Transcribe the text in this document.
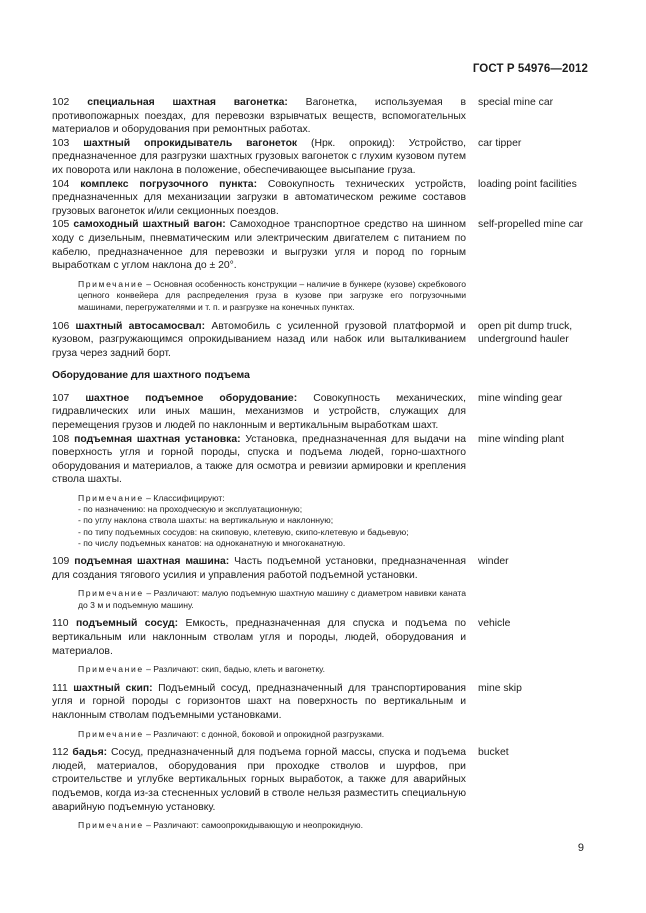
ГОСТ Р 54976—2012
102 специальная шахтная вагонетка: Вагонетка, используемая в противопожарных поездах, для перевозки взрывчатых веществ, вспомогательных материалов и оборудования при ремонтных работах.
special mine car
103 шахтный опрокидыватель вагонеток (Нрк. опрокид): Устройство, предназначенное для разгрузки шахтных грузовых вагонеток с глухим кузовом путем их поворота или наклона в положение, обеспечивающее высыпание груза.
car tipper
104 комплекс погрузочного пункта: Совокупность технических устройств, предназначенных для механизации загрузки в автоматическом режиме составов грузовых вагонеток и/или секционных поездов.
loading point facilities
105 самоходный шахтный вагон: Самоходное транспортное средство на шинном ходу с дизельным, пневматическим или электрическим двигателем с питанием по кабелю, предназначенное для перевозки и выгрузки угля и пород по горным выработкам с углом наклона до ± 20°.
self-propelled mine car
Примечание – Основная особенность конструкции – наличие в бункере (кузове) скребкового цепного конвейера для распределения груза в кузове при загрузке его погрузочными машинами, перегружателями и т. п. и разгрузке на конечных пунктах.
106 шахтный автосамосвал: Автомобиль с усиленной грузовой платформой и кузовом, разгружающимся опрокидыванием назад или набок или выталкиванием груза через задний борт.
open pit dump truck, underground hauler
Оборудование для шахтного подъема
107 шахтное подъемное оборудование: Совокупность механических, гидравлических или иных машин, механизмов и устройств, служащих для перемещения грузов и людей по наклонным и вертикальным выработкам шахт.
mine winding gear
108 подъемная шахтная установка: Установка, предназначенная для выдачи на поверхность угля и горной породы, спуска и подъема людей, горно-шахтного оборудования и материалов, а также для осмотра и ревизии армировки и крепления ствола шахты.
mine winding plant
Примечание – Классифицируют:
- по назначению: на проходческую и эксплуатационную;
- по углу наклона ствола шахты: на вертикальную и наклонную;
- по типу подъемных сосудов: на скиповую, клетевую, скипо-клетевую и бадьевую;
- по числу подъемных канатов: на одноканатную и многоканатную.
109 подъемная шахтная машина: Часть подъемной установки, предназначенная для создания тягового усилия и управления работой подъемной установки.
winder
Примечание – Различают: малую подъемную шахтную машину с диаметром навивки каната до 3 м и подъемную машину.
110 подъемный сосуд: Емкость, предназначенная для спуска и подъема по вертикальным или наклонным стволам угля и породы, людей, оборудования и материалов.
vehicle
Примечание – Различают: скип, бадью, клеть и вагонетку.
111 шахтный скип: Подъемный сосуд, предназначенный для транспортирования угля и горной породы с горизонтов шахт на поверхность по вертикальным и наклонным стволам подъемными установками.
mine skip
Примечание – Различают: с донной, боковой и опрокидной разгрузками.
112 бадья: Сосуд, предназначенный для подъема горной массы, спуска и подъема людей, материалов, оборудования при проходке стволов и шурфов, при строительстве и углубке вертикальных горных выработок, а также для аварийных подъемов, когда из-за стесненных условий в стволе нельзя разместить специальную аварийную подъемную установку.
bucket
Примечание – Различают: самоопрокидывающую и неопрокидную.
9
